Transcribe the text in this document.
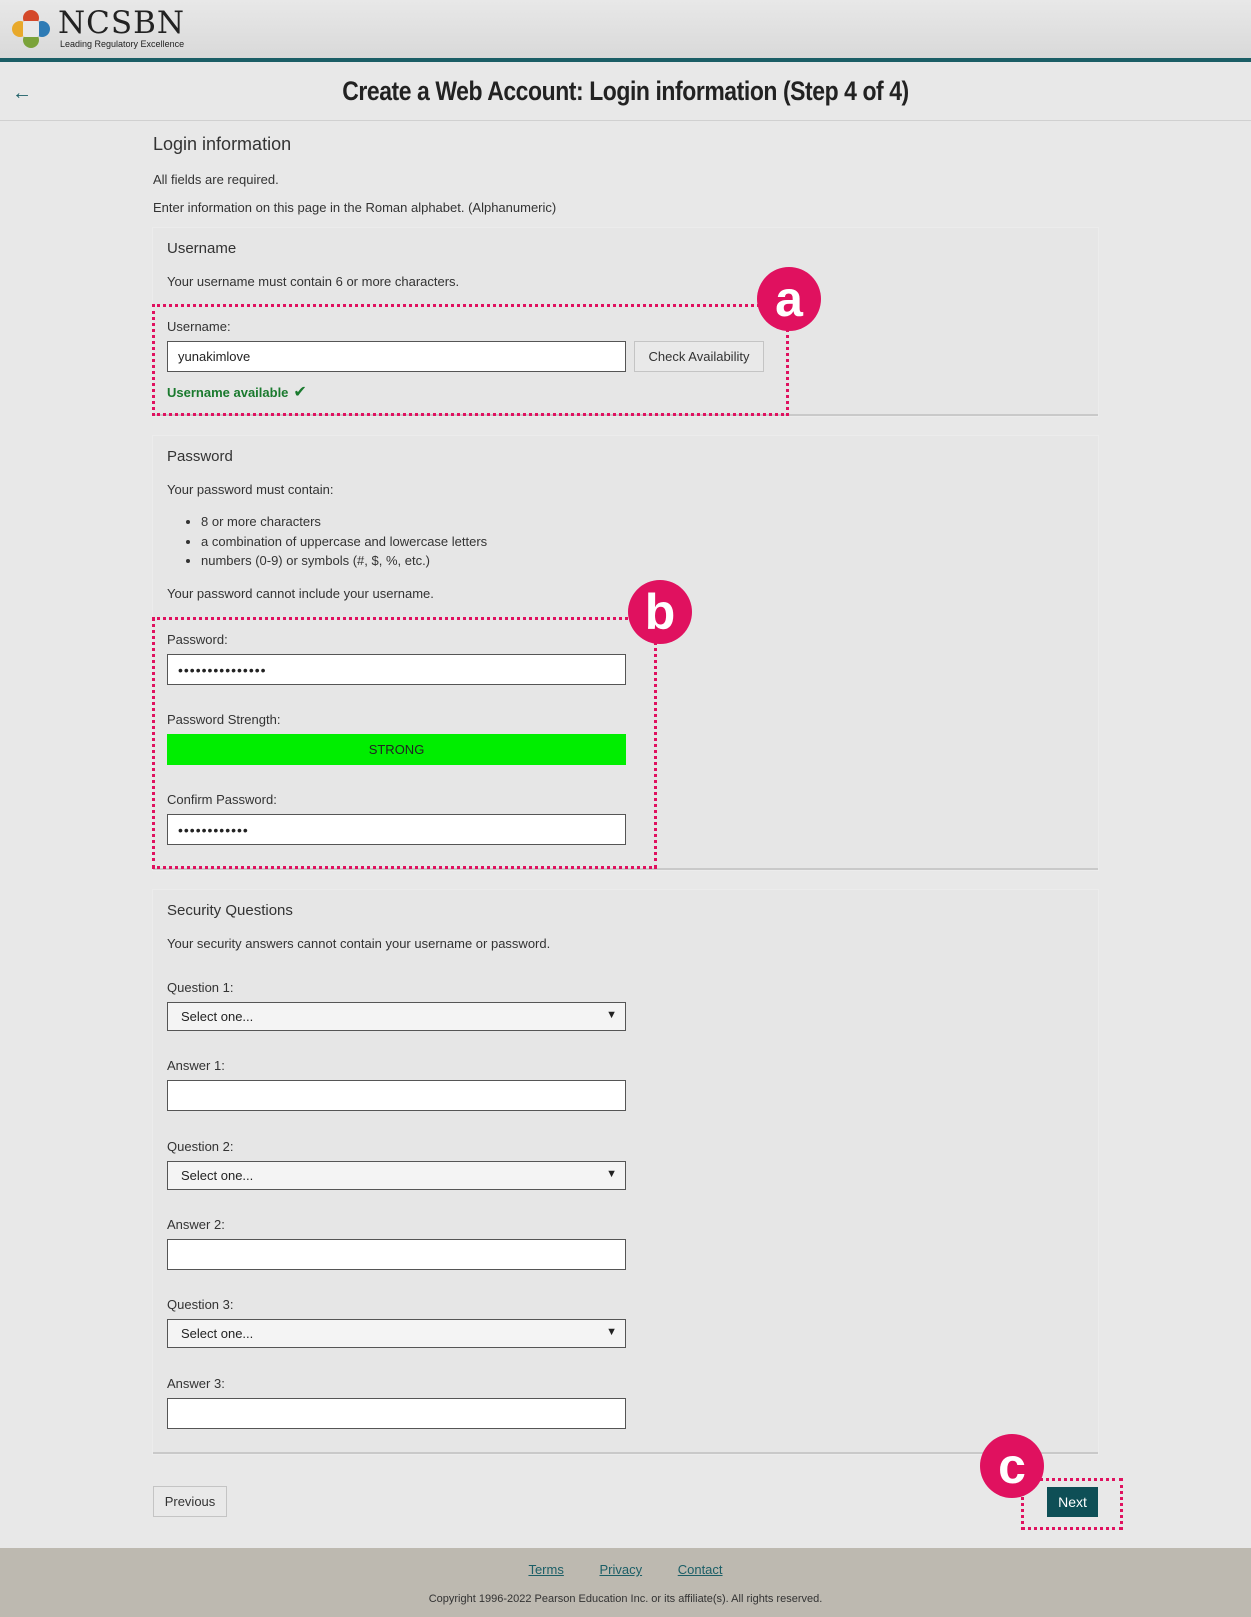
NCSBN
Leading Regulatory Excellence
←	Create a Web Account: Login information (Step 4 of 4)
Login information
All fields are required.
Enter information on this page in the Roman alphabet. (Alphanumeric)
Username
Your username must contain 6 or more characters.
Username:
yunakimlove	Check Availability
Username available ✔
Password
Your password must contain:
• 8 or more characters
• a combination of uppercase and lowercase letters
• numbers (0-9) or symbols (#, $, %, etc.)
Your password cannot include your username.
Password:
•••••••••••••••
Password Strength:
STRONG
Confirm Password:
••••••••••••
Security Questions
Your security answers cannot contain your username or password.
Question 1:
Select one...	▼
Answer 1:
Question 2:
Select one...	▼
Answer 2:
Question 3:
Select one...	▼
Answer 3:
Previous	Next
a
b
c
Terms	Privacy	Contact
Copyright 1996-2022 Pearson Education Inc. or its affiliate(s). All rights reserved.
